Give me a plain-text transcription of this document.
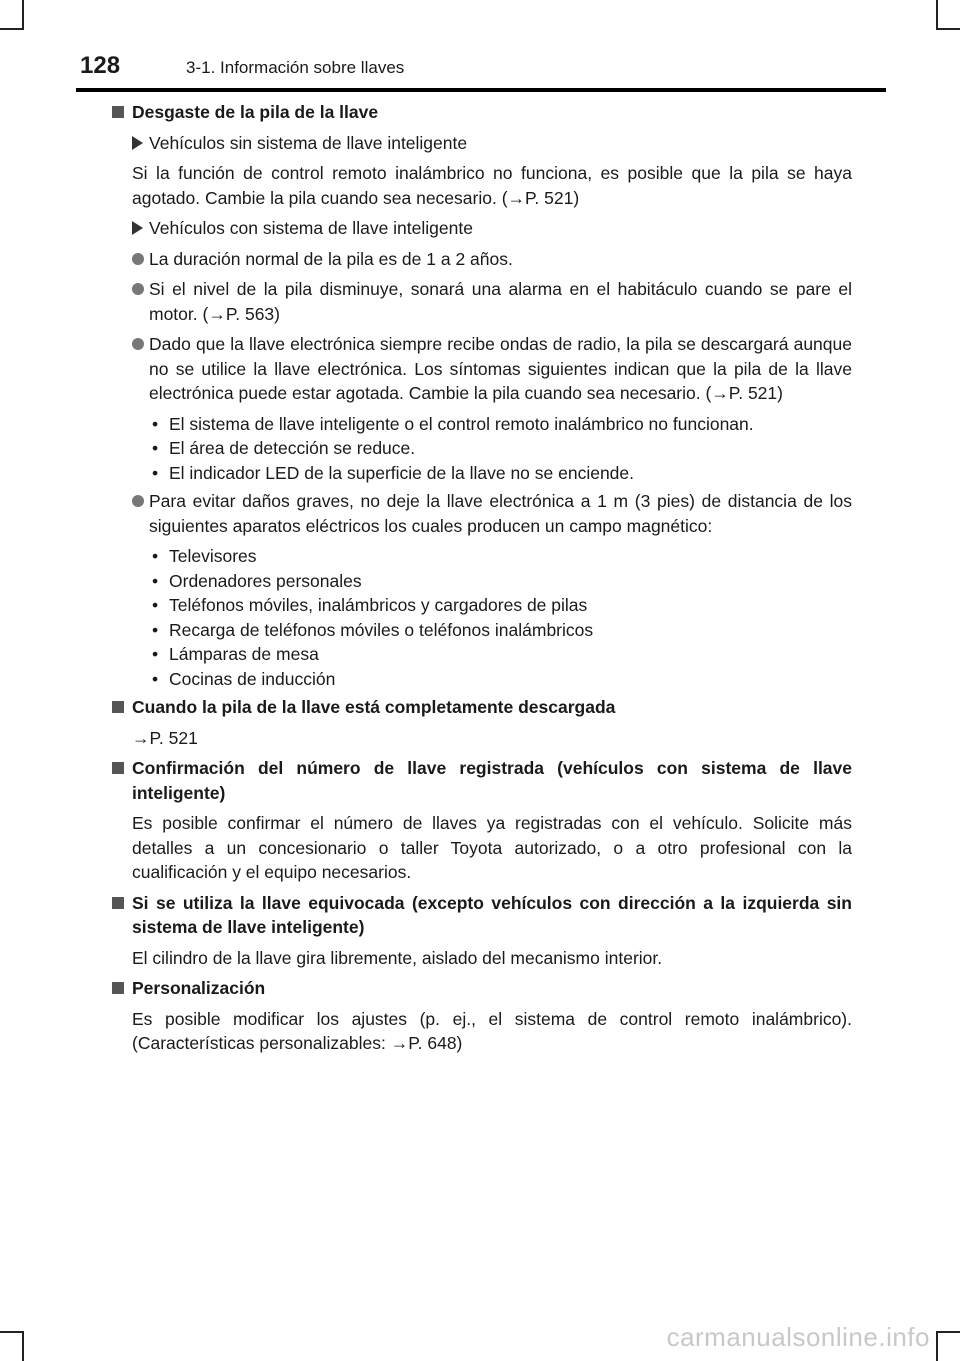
128	3-1. Información sobre llaves
Desgaste de la pila de la llave
Vehículos sin sistema de llave inteligente
Si la función de control remoto inalámbrico no funciona, es posible que la pila se haya agotado. Cambie la pila cuando sea necesario. (→P. 521)
Vehículos con sistema de llave inteligente
La duración normal de la pila es de 1 a 2 años.
Si el nivel de la pila disminuye, sonará una alarma en el habitáculo cuando se pare el motor. (→P. 563)
Dado que la llave electrónica siempre recibe ondas de radio, la pila se descargará aunque no se utilice la llave electrónica. Los síntomas siguientes indican que la pila de la llave electrónica puede estar agotada. Cambie la pila cuando sea necesario. (→P. 521)
• El sistema de llave inteligente o el control remoto inalámbrico no funcionan.
• El área de detección se reduce.
• El indicador LED de la superficie de la llave no se enciende.
Para evitar daños graves, no deje la llave electrónica a 1 m (3 pies) de distancia de los siguientes aparatos eléctricos los cuales producen un campo magnético:
• Televisores
• Ordenadores personales
• Teléfonos móviles, inalámbricos y cargadores de pilas
• Recarga de teléfonos móviles o teléfonos inalámbricos
• Lámparas de mesa
• Cocinas de inducción
Cuando la pila de la llave está completamente descargada
→P. 521
Confirmación del número de llave registrada (vehículos con sistema de llave inteligente)
Es posible confirmar el número de llaves ya registradas con el vehículo. Solicite más detalles a un concesionario o taller Toyota autorizado, o a otro profesional con la cualificación y el equipo necesarios.
Si se utiliza la llave equivocada (excepto vehículos con dirección a la izquierda sin sistema de llave inteligente)
El cilindro de la llave gira libremente, aislado del mecanismo interior.
Personalización
Es posible modificar los ajustes (p. ej., el sistema de control remoto inalámbrico). (Características personalizables: →P. 648)
carmanualsonline.info
